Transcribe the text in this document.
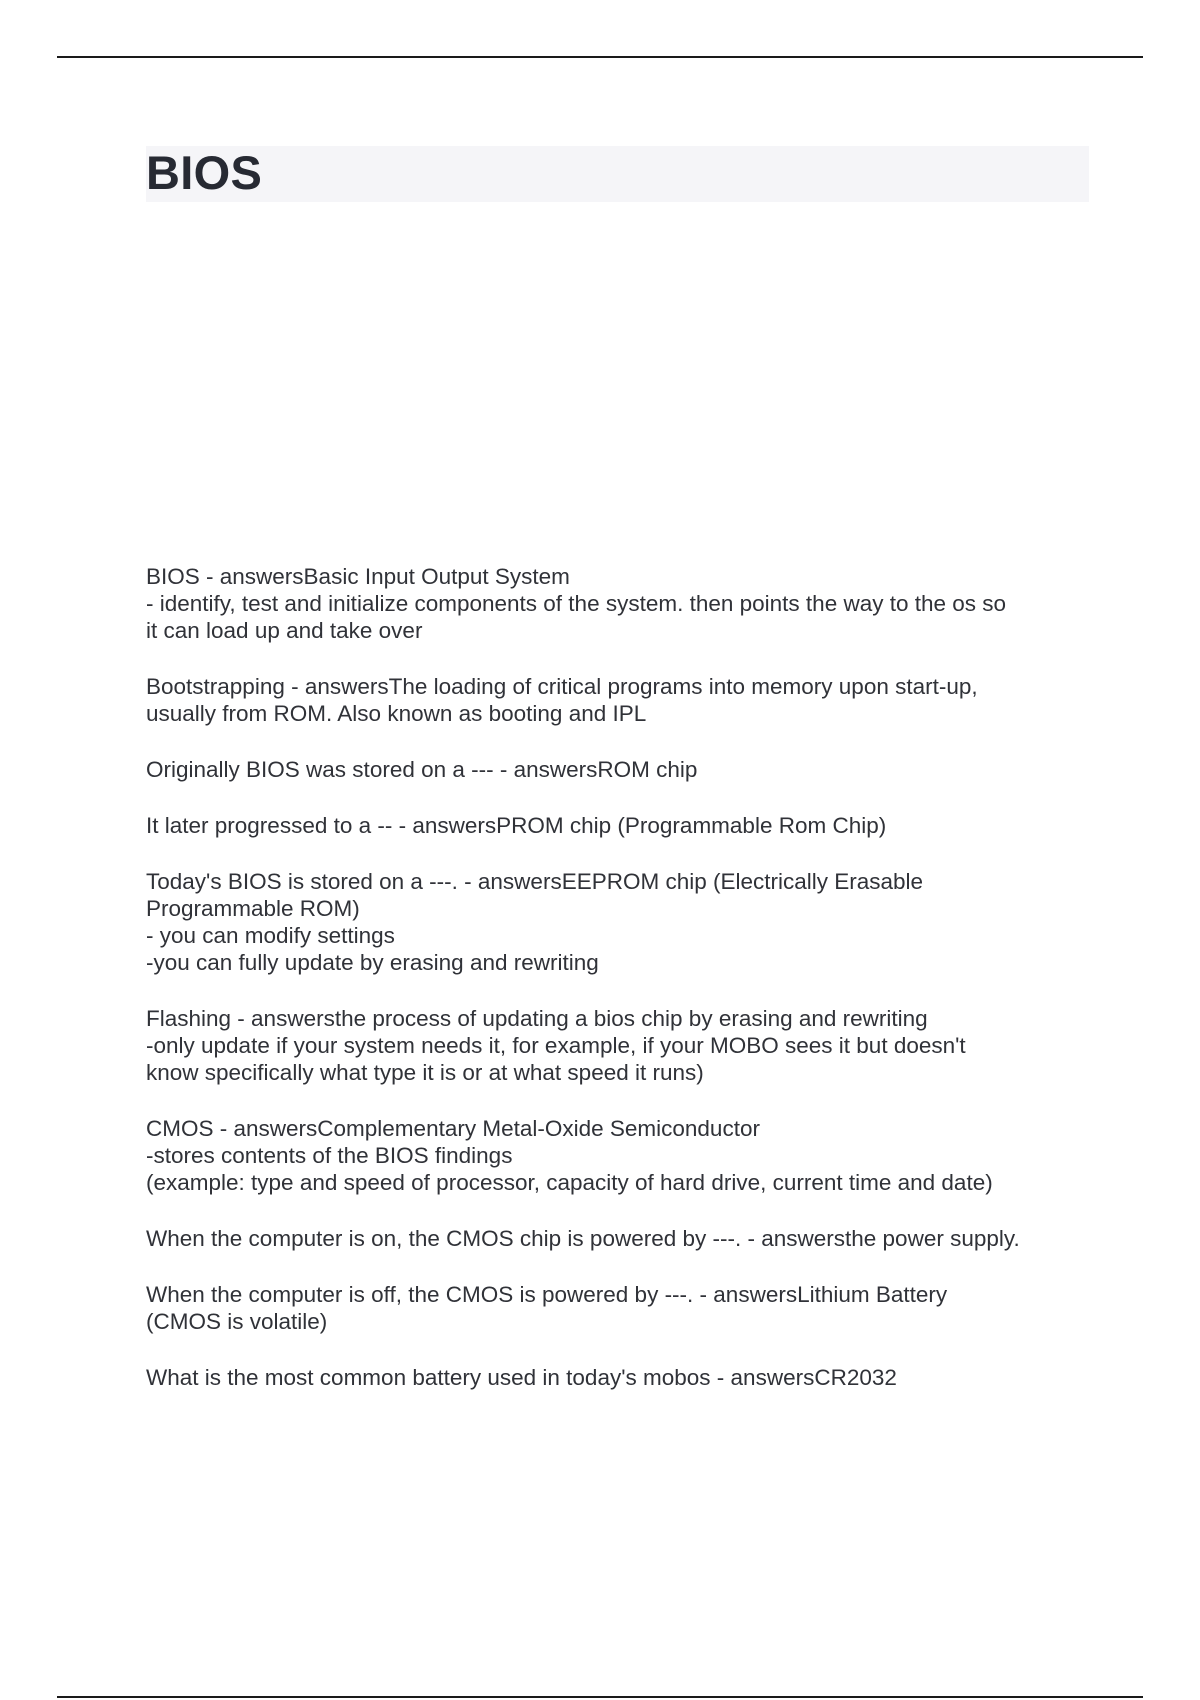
BIOS
BIOS - answersBasic Input Output System
- identify, test and initialize components of the system. then points the way to the os so
it can load up and take over
Bootstrapping - answersThe loading of critical programs into memory upon start-up,
usually from ROM. Also known as booting and IPL
Originally BIOS was stored on a --- - answersROM chip
It later progressed to a -- - answersPROM chip (Programmable Rom Chip)
Today's BIOS is stored on a ---. - answersEEPROM chip (Electrically Erasable
Programmable ROM)
- you can modify settings
-you can fully update by erasing and rewriting
Flashing - answersthe process of updating a bios chip by erasing and rewriting
-only update if your system needs it, for example, if your MOBO sees it but doesn't
know specifically what type it is or at what speed it runs)
CMOS - answersComplementary Metal-Oxide Semiconductor
-stores contents of the BIOS findings
(example: type and speed of processor, capacity of hard drive, current time and date)
When the computer is on, the CMOS chip is powered by ---. - answersthe power supply.
When the computer is off, the CMOS is powered by ---. - answersLithium Battery
(CMOS is volatile)
What is the most common battery used in today's mobos - answersCR2032
